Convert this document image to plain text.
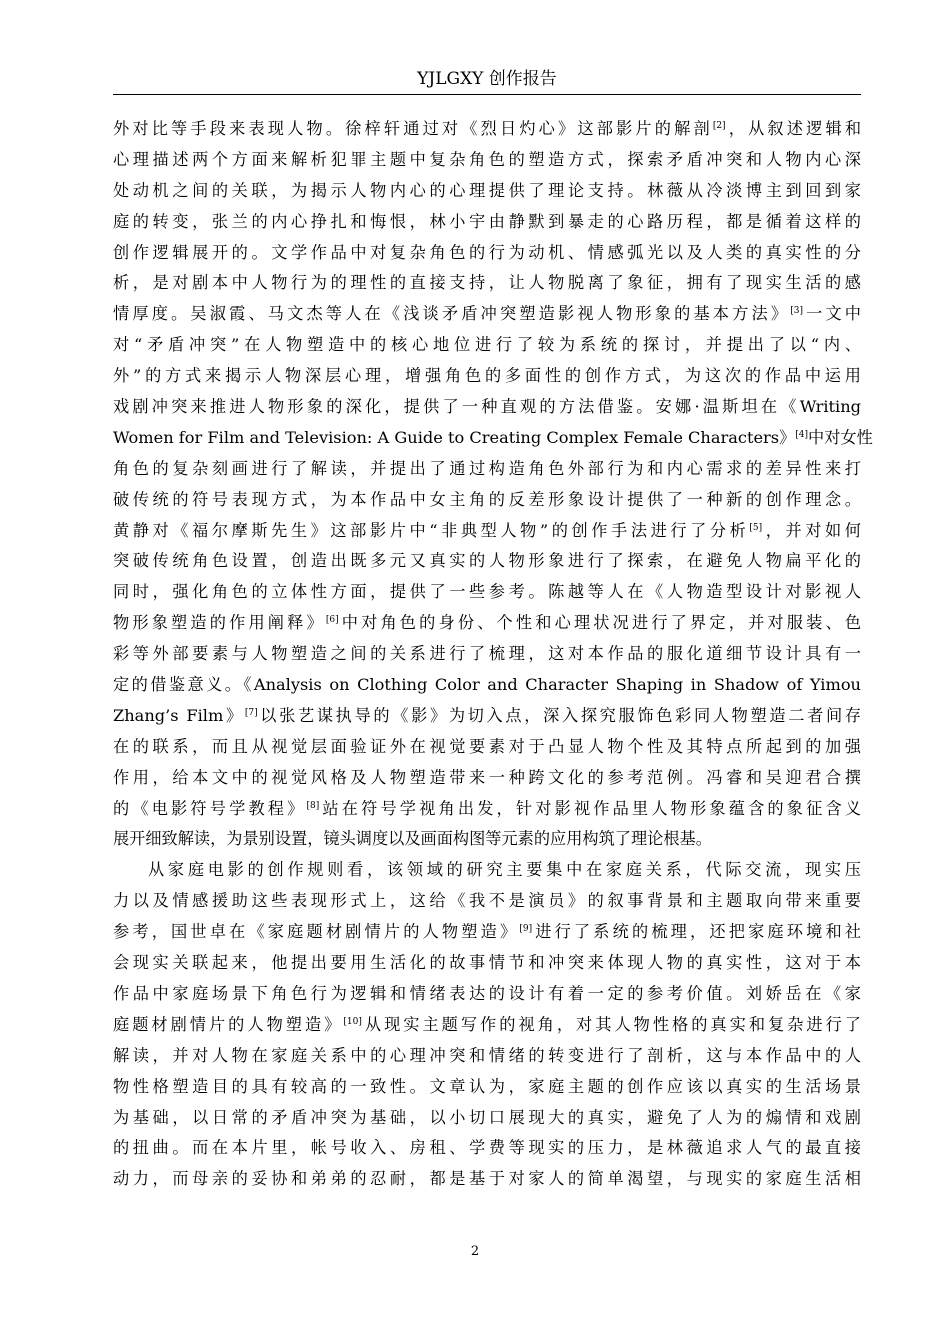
YJLGXY 创作报告
外对比等手段来表现人物。徐梓轩通过对《烈日灼心》这部影片的解剖[2]，从叙述逻辑和
心理描述两个方面来解析犯罪主题中复杂角色的塑造方式，探索矛盾冲突和人物内心深
处动机之间的关联，为揭示人物内心的心理提供了理论支持。林薇从冷淡博主到回到家
庭的转变，张兰的内心挣扎和悔恨，林小宇由静默到暴走的心路历程，都是循着这样的
创作逻辑展开的。文学作品中对复杂角色的行为动机、情感弧光以及人类的真实性的分
析，是对剧本中人物行为的理性的直接支持，让人物脱离了象征，拥有了现实生活的感
情厚度。吴淑霞、马文杰等人在《浅谈矛盾冲突塑造影视人物形象的基本方法》[3]一文中
对“矛盾冲突”在人物塑造中的核心地位进行了较为系统的探讨，并提出了以“内、
外”的方式来揭示人物深层心理，增强角色的多面性的创作方式，为这次的作品中运用
戏剧冲突来推进人物形象的深化，提供了一种直观的方法借鉴。安娜·温斯坦在《Writing
Women for Film and Television: A Guide to Creating Complex Female Characters》[4]中对女性
角色的复杂刻画进行了解读，并提出了通过构造角色外部行为和内心需求的差异性来打
破传统的符号表现方式，为本作品中女主角的反差形象设计提供了一种新的创作理念。
黄静对《福尔摩斯先生》这部影片中“非典型人物”的创作手法进行了分析[5]，并对如何
突破传统角色设置，创造出既多元又真实的人物形象进行了探索，在避免人物扁平化的
同时，强化角色的立体性方面，提供了一些参考。陈越等人在《人物造型设计对影视人
物形象塑造的作用阐释》[6]中对角色的身份、个性和心理状况进行了界定，并对服装、色
彩等外部要素与人物塑造之间的关系进行了梳理，这对本作品的服化道细节设计具有一
定的借鉴意义。《Analysis on Clothing Color and Character Shaping in Shadow of Yimou
Zhang’s Film》[7]以张艺谋执导的《影》为切入点，深入探究服饰色彩同人物塑造二者间存
在的联系，而且从视觉层面验证外在视觉要素对于凸显人物个性及其特点所起到的加强
作用，给本文中的视觉风格及人物塑造带来一种跨文化的参考范例。冯睿和吴迎君合撰
的《电影符号学教程》[8]站在符号学视角出发，针对影视作品里人物形象蕴含的象征含义
展开细致解读，为景别设置，镜头调度以及画面构图等元素的应用构筑了理论根基。
从家庭电影的创作规则看，该领域的研究主要集中在家庭关系，代际交流，现实压
力以及情感援助这些表现形式上，这给《我不是演员》的叙事背景和主题取向带来重要
参考，国世卓在《家庭题材剧情片的人物塑造》[9]进行了系统的梳理，还把家庭环境和社
会现实关联起来，他提出要用生活化的故事情节和冲突来体现人物的真实性，这对于本
作品中家庭场景下角色行为逻辑和情绪表达的设计有着一定的参考价值。刘娇岳在《家
庭题材剧情片的人物塑造》[10]从现实主题写作的视角，对其人物性格的真实和复杂进行了
解读，并对人物在家庭关系中的心理冲突和情绪的转变进行了剖析，这与本作品中的人
物性格塑造目的具有较高的一致性。文章认为，家庭主题的创作应该以真实的生活场景
为基础，以日常的矛盾冲突为基础，以小切口展现大的真实，避免了人为的煽情和戏剧
的扭曲。而在本片里，帐号收入、房租、学费等现实的压力，是林薇追求人气的最直接
动力，而母亲的妥协和弟弟的忍耐，都是基于对家人的简单渴望，与现实的家庭生活相
2
